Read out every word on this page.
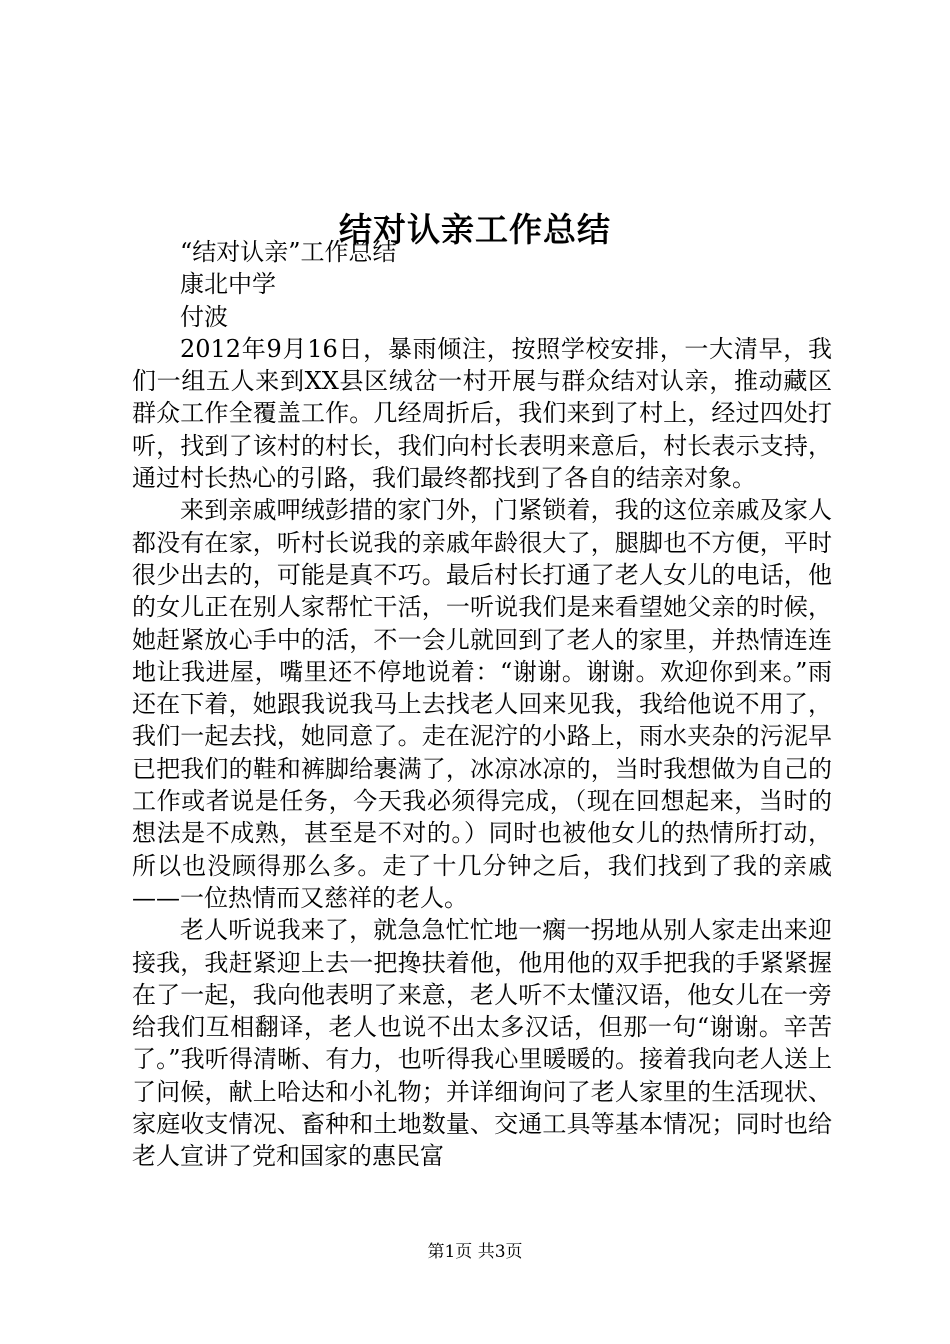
结对认亲工作总结

“结对认亲”工作总结

康北中学

付波

2012年9月16日，暴雨倾注，按照学校安排，一大清早，我们一组五人来到XX县区绒岔一村开展与群众结对认亲，推动藏区群众工作全覆盖工作。几经周折后，我们来到了村上，经过四处打听，找到了该村的村长，我们向村长表明来意后，村长表示支持，通过村长热心的引路，我们最终都找到了各自的结亲对象。

来到亲戚呷绒彭措的家门外，门紧锁着，我的这位亲戚及家人都没有在家，听村长说我的亲戚年龄很大了，腿脚也不方便，平时很少出去的，可能是真不巧。最后村长打通了老人女儿的电话，他的女儿正在别人家帮忙干活，一听说我们是来看望她父亲的时候，她赶紧放心手中的活，不一会儿就回到了老人的家里，并热情连连地让我进屋，嘴里还不停地说着：“谢谢。谢谢。欢迎你到来。”雨还在下着，她跟我说我马上去找老人回来见我，我给他说不用了，我们一起去找，她同意了。走在泥泞的小路上，雨水夹杂的污泥早已把我们的鞋和裤脚给裹满了，冰凉冰凉的，当时我想做为自己的工作或者说是任务，今天我必须得完成，（现在回想起来，当时的想法是不成熟，甚至是不对的。）同时也被他女儿的热情所打动，所以也没顾得那么多。走了十几分钟之后，我们找到了我的亲戚——一位热情而又慈祥的老人。

老人听说我来了，就急急忙忙地一瘸一拐地从别人家走出来迎接我，我赶紧迎上去一把搀扶着他，他用他的双手把我的手紧紧握在了一起，我向他表明了来意，老人听不太懂汉语，他女儿在一旁给我们互相翻译，老人也说不出太多汉话，但那一句“谢谢。辛苦了。”我听得清晰、有力，也听得我心里暖暖的。接着我向老人送上了问候，献上哈达和小礼物；并详细询问了老人家里的生活现状、家庭收支情况、畜种和土地数量、交通工具等基本情况；同时也给老人宣讲了党和国家的惠民富

第1页 共3页
